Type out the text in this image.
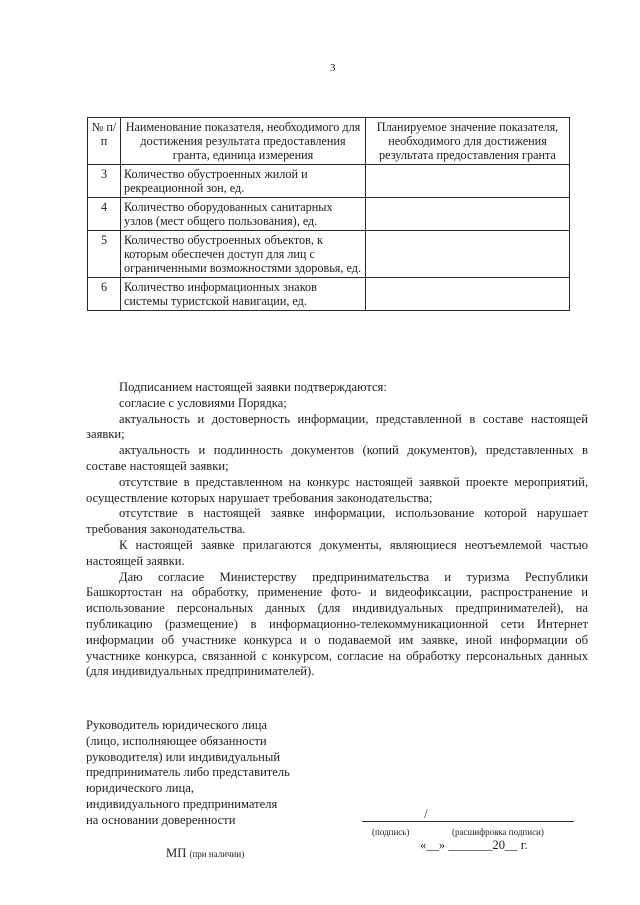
3
№ п/п	Наименование показателя, необходимого для достижения результата предоставления гранта, единица измерения	Планируемое значение показателя, необходимого для достижения результата предоставления гранта
3	Количество обустроенных жилой и рекреационной зон, ед.	
4	Количество оборудованных санитарных узлов (мест общего пользования), ед.	
5	Количество обустроенных объектов, к которым обеспечен доступ для лиц с ограниченными возможностями здоровья, ед.	
6	Количество информационных знаков системы туристской навигации, ед.	

Подписанием настоящей заявки подтверждаются:

согласие с условиями Порядка;

актуальность и достоверность информации, представленной в составе настоящей заявки;

актуальность и подлинность документов (копий документов), представленных в составе настоящей заявки;

отсутствие в представленном на конкурс настоящей заявкой проекте мероприятий, осуществление которых нарушает требования законодательства;

отсутствие в настоящей заявке информации, использование которой нарушает требования законодательства.

К настоящей заявке прилагаются документы, являющиеся неотъемлемой частью настоящей заявки.

Даю согласие Министерству предпринимательства и туризма Республики Башкортостан на обработку, применение фото- и видеофиксации, распространение и использование персональных данных (для индивидуальных предпринимателей), на публикацию (размещение) в информационно-телекоммуникационной сети Интернет информации об участнике конкурса и о подаваемой им заявке, иной информации об участнике конкурса, связанной с конкурсом, согласие на обработку персональных данных (для индивидуальных предпринимателей).

Руководитель юридического лица
(лицо, исполняющее обязанности
руководителя) или индивидуальный
предприниматель либо представитель
юридического лица,
индивидуального предпринимателя
на основании доверенности	/
(подпись)	(расшифровка подписи)
«__» _______20__ г.
МП (при наличии)
